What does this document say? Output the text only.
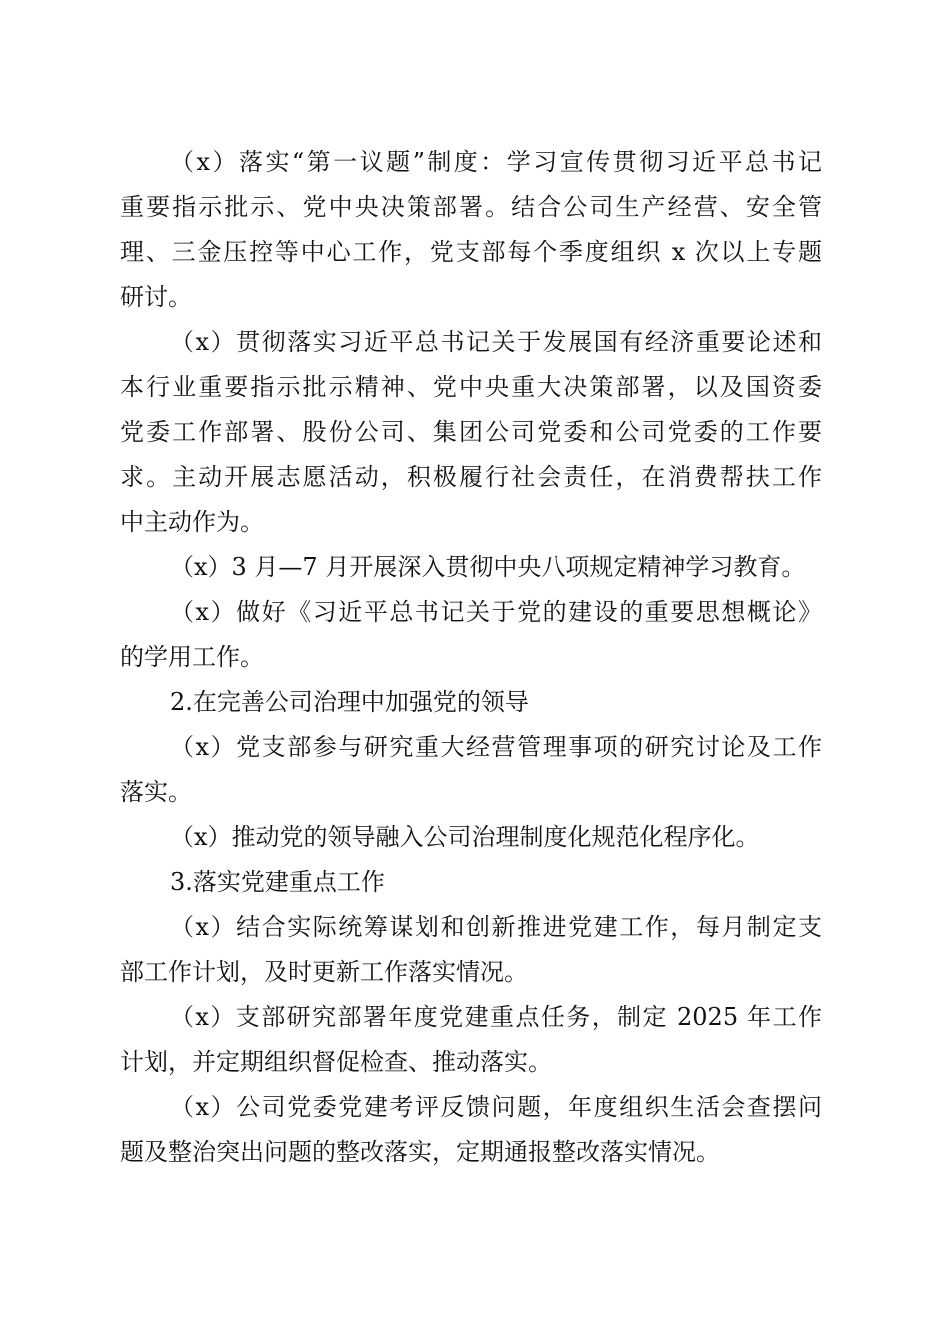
（x）落实“第一议题”制度：学习宣传贯彻习近平总书记
重要指示批示、党中央决策部署。结合公司生产经营、安全管
理、三金压控等中心工作，党支部每个季度组织 x 次以上专题
研讨。
（x）贯彻落实习近平总书记关于发展国有经济重要论述和
本行业重要指示批示精神、党中央重大决策部署，以及国资委
党委工作部署、股份公司、集团公司党委和公司党委的工作要
求。主动开展志愿活动，积极履行社会责任，在消费帮扶工作
中主动作为。
（x）3 月—7 月开展深入贯彻中央八项规定精神学习教育。
（x）做好《习近平总书记关于党的建设的重要思想概论》
的学用工作。
2.在完善公司治理中加强党的领导
（x）党支部参与研究重大经营管理事项的研究讨论及工作
落实。
（x）推动党的领导融入公司治理制度化规范化程序化。
3.落实党建重点工作
（x）结合实际统筹谋划和创新推进党建工作，每月制定支
部工作计划，及时更新工作落实情况。
（x）支部研究部署年度党建重点任务，制定 2025 年工作
计划，并定期组织督促检查、推动落实。
（x）公司党委党建考评反馈问题，年度组织生活会查摆问
题及整治突出问题的整改落实，定期通报整改落实情况。
